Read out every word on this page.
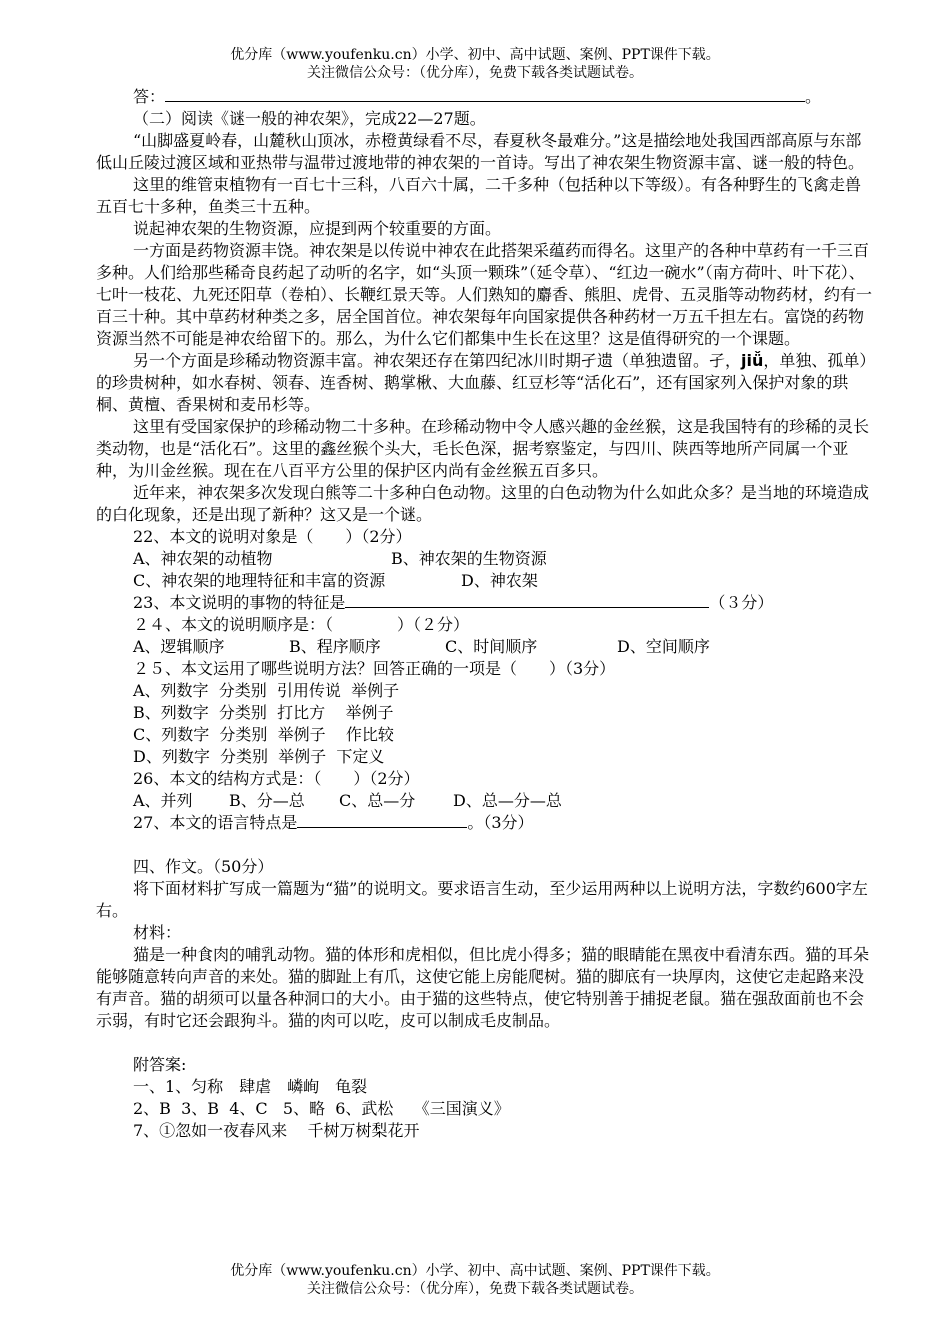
优分库（www.youfenku.cn）小学、初中、高中试题、案例、PPT课件下载。
关注微信公众号：（优分库），免费下载各类试题试卷。

答：	。

（二）阅读《谜一般的神农架》，完成22—27题。

“山脚盛夏岭春，山麓秋山顶冰，赤橙黄绿看不尽，春夏秋冬最难分。”这是描绘地处我国西部高原与东部低山丘陵过渡区域和亚热带与温带过渡地带的神农架的一首诗。写出了神农架生物资源丰富、谜一般的特色。

这里的维管束植物有一百七十三科，八百六十属，二千多种（包括种以下等级）。有各种野生的飞禽走兽五百七十多种，鱼类三十五种。

说起神农架的生物资源，应提到两个较重要的方面。

一方面是药物资源丰饶。神农架是以传说中神农在此搭架采蕴药而得名。这里产的各种中草药有一千三百多种。人们给那些稀奇良药起了动听的名字，如“头顶一颗珠”（延令草）、“红边一碗水”（南方荷叶、叶下花）、七叶一枝花、九死还阳草（卷柏）、长鞭红景天等。人们熟知的麝香、熊胆、虎骨、五灵脂等动物药材，约有一百三十种。其中草药材种类之多，居全国首位。神农架每年向国家提供各种药材一万五千担左右。富饶的药物资源当然不可能是神农给留下的。那么，为什么它们都集中生长在这里？这是值得研究的一个课题。

另一个方面是珍稀动物资源丰富。神农架还存在第四纪冰川时期孑遗（单独遗留。孑，jiǚ，单独、孤单）的珍贵树种，如水春树、领春、连香树、鹅掌楸、大血藤、红豆杉等“活化石”，还有国家列入保护对象的珙桐、黄檀、香果树和麦吊杉等。

这里有受国家保护的珍稀动物二十多种。在珍稀动物中令人感兴趣的金丝猴，这是我国特有的珍稀的灵长类动物，也是“活化石”。这里的鑫丝猴个头大，毛长色深，据考察鉴定，与四川、陕西等地所产同属一个亚种，为川金丝猴。现在在八百平方公里的保护区内尚有金丝猴五百多只。

近年来，神农架多次发现白熊等二十多种白色动物。这里的白色动物为什么如此众多？是当地的环境造成的白化现象，还是出现了新种？这又是一个谜。

22、本文的说明对象是（　　）（2分）

A、神农架的动植物	B、神农架的生物资源

C、神农架的地理特征和丰富的资源	D、神农架

23、本文说明的事物的特征是	（３分）

２４、本文的说明顺序是：（　　　　）（２分）

A、逻辑顺序	B、程序顺序	C、时间顺序	D、空间顺序

２５、本文运用了哪些说明方法？回答正确的一项是（　　）（3分）

A、列数字  分类别  引用传说  举例子

B、列数字  分类别  打比方    举例子

C、列数字  分类别  举例子    作比较

D、列数字  分类别  举例子  下定义

26、本文的结构方式是：（　　）（2分）

A、并列 B、分—总 C、总—分 D、总—分—总

27、本文的语言特点是	。（3分）

四、作文。（50分）

将下面材料扩写成一篇题为“猫”的说明文。要求语言生动，至少运用两种以上说明方法，字数约600字左右。

材料：

猫是一种食肉的哺乳动物。猫的体形和虎相似，但比虎小得多；猫的眼睛能在黑夜中看清东西。猫的耳朵能够随意转向声音的来处。猫的脚趾上有爪，这使它能上房能爬树。猫的脚底有一块厚肉，这使它走起路来没有声音。猫的胡须可以量各种洞口的大小。由于猫的这些特点，使它特别善于捕捉老鼠。猫在强敌面前也不会示弱，有时它还会跟狗斗。猫的肉可以吃，皮可以制成毛皮制品。

附答案:

一、1、匀称　肆虐　嶙峋　龟裂

2、B  3、B  4、C   5、略  6、武松    《三国演义》

7、①忽如一夜春风来    千树万树梨花开

优分库（www.youfenku.cn）小学、初中、高中试题、案例、PPT课件下载。
关注微信公众号：（优分库），免费下载各类试题试卷。
